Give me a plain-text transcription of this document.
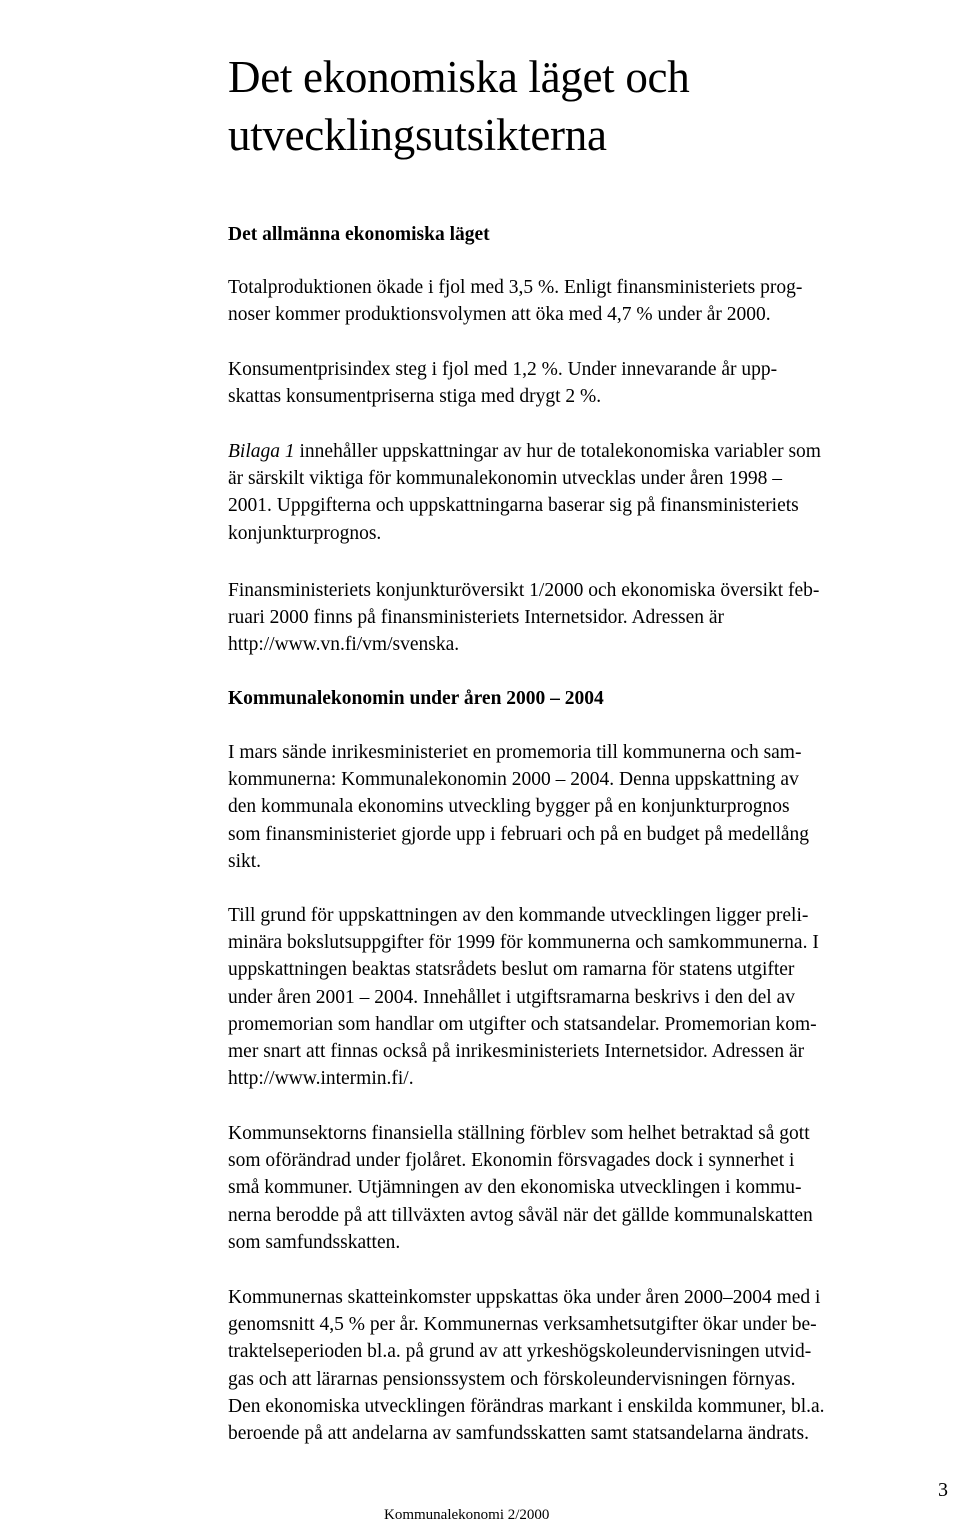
Det ekonomiska läget och
utvecklingsutsikterna
Det allmänna ekonomiska läget

Totalproduktionen ökade i fjol med 3,5 %. Enligt finansministeriets prog-
noser kommer produktionsvolymen att öka med 4,7 % under år 2000.

Konsumentprisindex steg i fjol med 1,2 %. Under innevarande år upp-
skattas konsumentpriserna stiga med drygt 2 %.

Bilaga 1 innehåller uppskattningar av hur de totalekonomiska variabler som
är särskilt viktiga för kommunalekonomin utvecklas under åren 1998 –
2001. Uppgifterna och uppskattningarna baserar sig på finansministeriets
konjunkturprognos.

Finansministeriets konjunkturöversikt 1/2000 och ekonomiska översikt feb-
ruari 2000 finns på finansministeriets Internetsidor. Adressen är
http://www.vn.fi/vm/svenska.

Kommunalekonomin under åren 2000 – 2004

I mars sände inrikesministeriet en promemoria till kommunerna och sam-
kommunerna: Kommunalekonomin 2000 – 2004. Denna uppskattning av
den kommunala ekonomins utveckling bygger på en konjunkturprognos
som finansministeriet gjorde upp i februari och på en budget på medellång
sikt.

Till grund för uppskattningen av den kommande utvecklingen ligger preli-
minära bokslutsuppgifter för 1999 för kommunerna och samkommunerna. I
uppskattningen beaktas statsrådets beslut om ramarna för statens utgifter
under åren 2001 – 2004. Innehållet i utgiftsramarna beskrivs i den del av
promemorian som handlar om utgifter och statsandelar. Promemorian kom-
mer snart att finnas också på inrikesministeriets Internetsidor. Adressen är
http://www.intermin.fi/.

Kommunsektorns finansiella ställning förblev som helhet betraktad så gott
som oförändrad under fjolåret. Ekonomin försvagades dock i synnerhet i
små kommuner. Utjämningen av den ekonomiska utvecklingen i kommu-
nerna berodde på att tillväxten avtog såväl när det gällde kommunalskatten
som samfundsskatten.

Kommunernas skatteinkomster uppskattas öka under åren 2000–2004 med i
genomsnitt 4,5 % per år. Kommunernas verksamhetsutgifter ökar under be-
traktelseperioden bl.a. på grund av att yrkeshögskoleundervisningen utvid-
gas och att lärarnas pensionssystem och förskoleundervisningen förnyas.
Den ekonomiska utvecklingen förändras markant i enskilda kommuner, bl.a.
beroende på att andelarna av samfundsskatten samt statsandelarna ändrats.

Kommunalekonomi 2/2000
3
